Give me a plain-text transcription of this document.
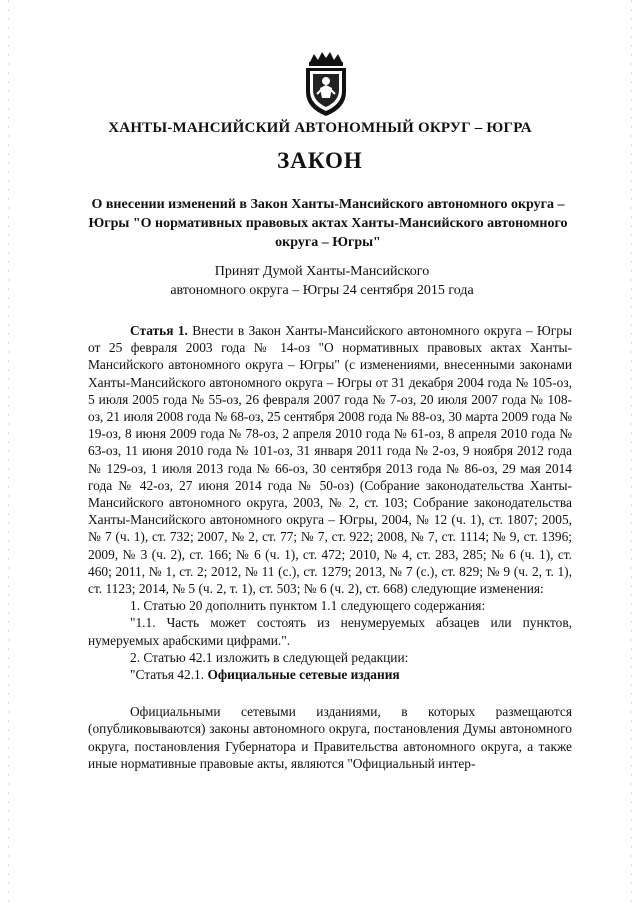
ХАНТЫ-МАНСИЙСКИЙ АВТОНОМНЫЙ ОКРУГ – ЮГРА
ЗАКОН
О внесении изменений в Закон Ханты-Мансийского автономного округа – Югры "О нормативных правовых актах Ханты-Мансийского автономного округа – Югры"
Принят Думой Ханты-Мансийского
автономного округа – Югры 24 сентября 2015 года

Статья 1. Внести в Закон Ханты-Мансийского автономного округа – Югры от 25 февраля 2003 года № 14-оз "О нормативных правовых актах Ханты-Мансийского автономного округа – Югры" (с изменениями, внесенными законами Ханты-Мансийского автономного округа – Югры от 31 декабря 2004 года № 105-оз, 5 июля 2005 года № 55-оз, 26 февраля 2007 года № 7-оз, 20 июля 2007 года № 108-оз, 21 июля 2008 года № 68-оз, 25 сентября 2008 года № 88-оз, 30 марта 2009 года № 19-оз, 8 июня 2009 года № 78-оз, 2 апреля 2010 года № 61-оз, 8 апреля 2010 года № 63-оз, 11 июня 2010 года № 101-оз, 31 января 2011 года № 2-оз, 9 ноября 2012 года № 129-оз, 1 июля 2013 года № 66-оз, 30 сентября 2013 года № 86-оз, 29 мая 2014 года № 42-оз, 27 июня 2014 года № 50-оз) (Собрание законодательства Ханты-Мансийского автономного округа, 2003, № 2, ст. 103; Собрание законодательства Ханты-Мансийского автономного округа – Югры, 2004, № 12 (ч. 1), ст. 1807; 2005, № 7 (ч. 1), ст. 732; 2007, № 2, ст. 77; № 7, ст. 922; 2008, № 7, ст. 1114; № 9, ст. 1396; 2009, № 3 (ч. 2), ст. 166; № 6 (ч. 1), ст. 472; 2010, № 4, ст. 283, 285; № 6 (ч. 1), ст. 460; 2011, № 1, ст. 2; 2012, № 11 (с.), ст. 1279; 2013, № 7 (с.), ст. 829; № 9 (ч. 2, т. 1), ст. 1123; 2014, № 5 (ч. 2, т. 1), ст. 503; № 6 (ч. 2), ст. 668) следующие изменения:

1. Статью 20 дополнить пунктом 1.1 следующего содержания:

"1.1. Часть может состоять из ненумеруемых абзацев или пунктов, нумеруемых арабскими цифрами.".

2. Статью 42.1 изложить в следующей редакции:

"Статья 42.1. Официальные сетевые издания

Официальными сетевыми изданиями, в которых размещаются (опубликовываются) законы автономного округа, постановления Думы автономного округа, постановления Губернатора и Правительства автономного округа, а также иные нормативные правовые акты, являются "Официальный интер-
